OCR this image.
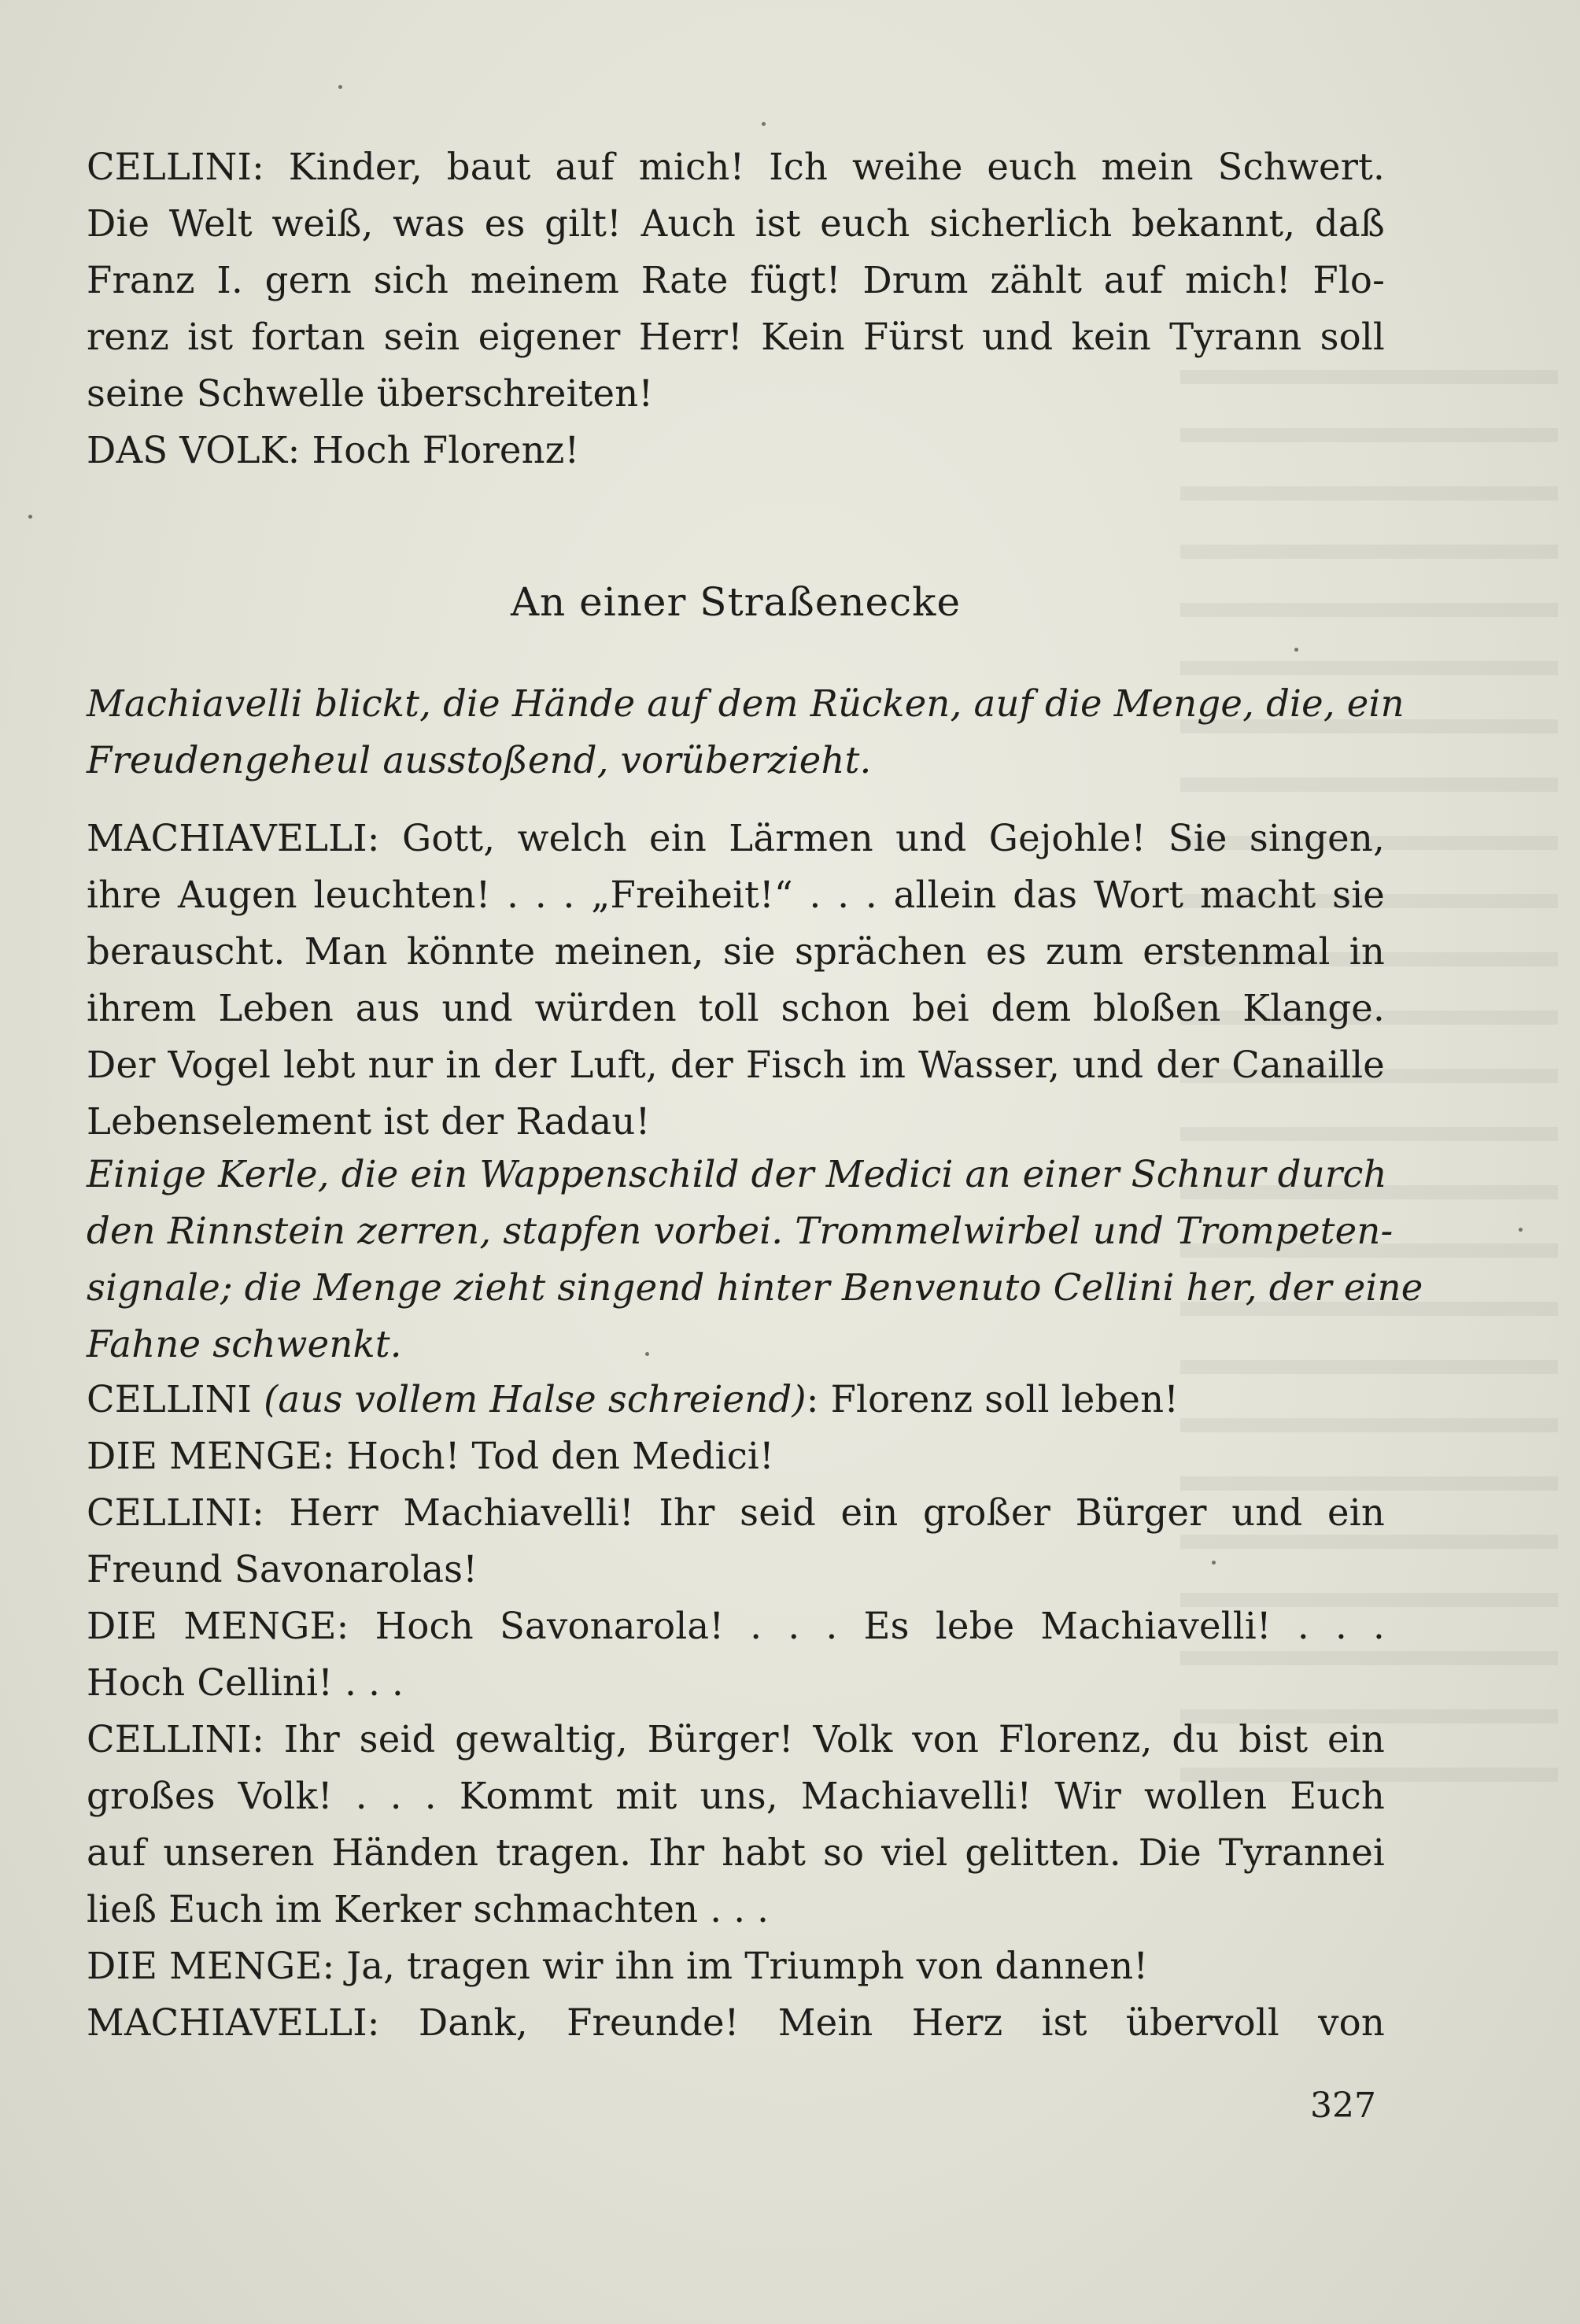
CELLINI: Kinder, baut auf mich! Ich weihe euch mein Schwert.
Die Welt weiß, was es gilt! Auch ist euch sicherlich bekannt, daß
Franz I. gern sich meinem Rate fügt! Drum zählt auf mich! Flo-
renz ist fortan sein eigener Herr! Kein Fürst und kein Tyrann soll
seine Schwelle überschreiten!
DAS VOLK: Hoch Florenz!
An einer Straßenecke
Machiavelli blickt, die Hände auf dem Rücken, auf die Menge, die, ein
Freudengeheul ausstoßend, vorüberzieht.
MACHIAVELLI: Gott, welch ein Lärmen und Gejohle! Sie singen,
ihre Augen leuchten! . . . „Freiheit!“ . . . allein das Wort macht sie
berauscht. Man könnte meinen, sie sprächen es zum erstenmal in
ihrem Leben aus und würden toll schon bei dem bloßen Klange.
Der Vogel lebt nur in der Luft, der Fisch im Wasser, und der Canaille
Lebenselement ist der Radau!
Einige Kerle, die ein Wappenschild der Medici an einer Schnur durch
den Rinnstein zerren, stapfen vorbei. Trommelwirbel und Trompeten-
signale; die Menge zieht singend hinter Benvenuto Cellini her, der eine
Fahne schwenkt.
CELLINI (aus vollem Halse schreiend): Florenz soll leben!
DIE MENGE: Hoch! Tod den Medici!
CELLINI: Herr Machiavelli! Ihr seid ein großer Bürger und ein
Freund Savonarolas!
DIE MENGE: Hoch Savonarola! . . . Es lebe Machiavelli! . . .
Hoch Cellini! . . .
CELLINI: Ihr seid gewaltig, Bürger! Volk von Florenz, du bist ein
großes Volk! . . . Kommt mit uns, Machiavelli! Wir wollen Euch
auf unseren Händen tragen. Ihr habt so viel gelitten. Die Tyrannei
ließ Euch im Kerker schmachten . . .
DIE MENGE: Ja, tragen wir ihn im Triumph von dannen!
MACHIAVELLI: Dank, Freunde! Mein Herz ist übervoll von
327
